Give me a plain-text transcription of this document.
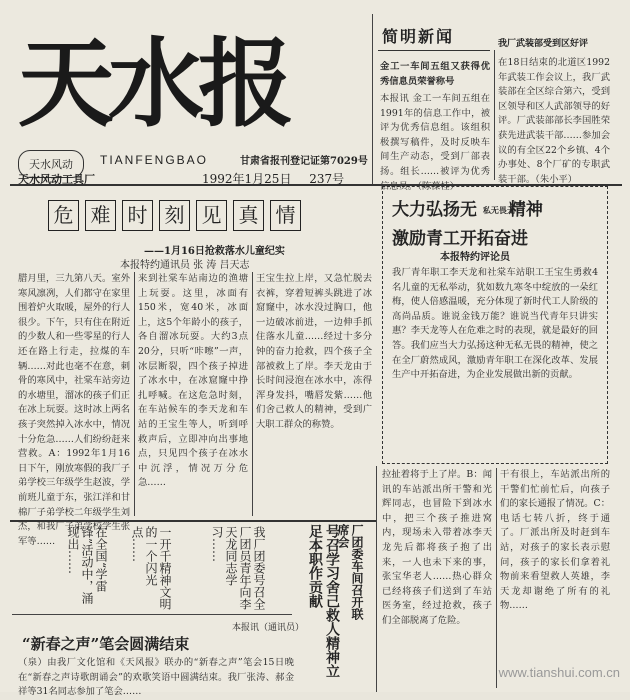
天水报
天水风动	TIANFENGBAO	甘肃省报刊登记证第7029号
天水风动工具厂	1992年1月25日 237号
简明新闻	我厂武装部受到区好评
金工一车间五组又获得优秀信息员荣誉称号
本报讯 金工一车间五组在1991年的信息工作中，被评为优秀信息组。该组积极撰写稿件，及时反映车间生产动态，受到厂部表扬。组长……被评为优秀信息员。（陈葆桂）
在18日结束的北道区1992年武装工作会议上，我厂武装部在全区综合第六，受到区领导和区人武部领导的好评。厂武装部部长李国胜荣获先进武装干部……参加会议的有全区22个乡镇、4个办事处、8个厂矿的专职武装干部。（朱小平）
危 难 时 刻 见 真 情
——1月16日抢救落水儿童纪实
本报特约通讯员 张 涛 吕天志
腊月里，三九第八天。室外寒风凛冽，人们都守在家里围着炉火取暖，屋外的行人很少。下午，只有住在附近的少数人和一些零星的行人还在路上行走，拉煤的车辆……对此也毫不在意，刺骨的寒风中，社棠车站旁边的水塘里，溜冰的孩子们正在冰上玩耍。这时冰上两名孩子突然掉入冰水中，情况十分危急……人们纷纷赶来营救。A：1992年1月16日下午，刚放寒假的我厂子弟学校三年级学生赵波，学前班儿童于东，张江洋和甘棉厂子弟学校二年级学生刘杰，和我厂子弟学校学生张军等……
来到社棠车站南边的渔塘上玩耍。这里，冰面有150米，宽40米，冰面上，这5个年龄小的孩子，各自溜冰玩耍。大约3点20分，只听“咔嚓”一声，冰层断裂，四个孩子掉进了冰水中，在冰窟窿中挣扎呼喊。在这危急时刻，在车站候车的李天龙和车站的王宝生等人，听到呼救声后，立即冲向出事地点，只见四个孩子在冰水中沉浮，情况万分危急……
王宝生拉上岸，又急忙脱去衣裤，穿着短裤头跳进了冰窟窿中，冰水没过胸口，他一边破冰前进，一边伸手抓住落水儿童……经过十多分钟的奋力抢救，四个孩子全部被救上了岸。李天龙由于长时间浸泡在冰水中，冻得浑身发抖，嘴唇发紫……他们舍己救人的精神，受到广大职工群众的称赞。
大力弘扬无 私无畏无 精神
激励青工开拓奋进
本报特约评论员
我厂青年职工李天龙和社棠车站职工王宝生勇救4名儿童的无私举动，犹如数九寒冬中绽放的一朵红梅，使人倍感温暖，充分体现了新时代工人阶级的高尚品质。谁说金钱万能？谁说当代青年只讲实惠？李天龙等人在危难之时的表现，就是最好的回答。我们应当大力弘扬这种无私无畏的精神，使之在全厂蔚然成风，激励青年职工在深化改革、发展生产中开拓奋进，为企业发展做出新的贡献。
拉扯着将于上了岸。B：闻讯的车站派出所干警和光辉同志，也冒险下到冰水中，把三个孩子推进窝内，现场未入带着冰李天龙先后都将孩子抱了出来，一人也未下来的事，张宝华老人……热心群众已经将孩子们送到了车站医务室，经过抢救，孩子们全部脱离了危险。
干有很上，车站派出所的干警们忙前忙后，向孩子们的家长通报了情况。C：电话七转八折，终于通了。厂派出所及时赶到车站，对孩子的家长表示慰问，孩子的家长们拿着礼物前来看望救人英雄，李天龙却谢绝了所有的礼物……
在全国“学雷锋”活动中，涌现出……	一开千精神文明的一个闪光点……	我厂团委号召全厂团员青年向李天龙同志学习……	号召学习舍己救人精神立足本职作贡献	厂团委车间召开联席会
本报讯（通讯员）
“新春之声”笔会圆满结束
（泉）由我厂文化馆和《天风报》联办的“新春之声”笔会15日晚在“新春之声诗歌朗诵会”的欢歌笑语中圆满结束。我厂张涛、郝金祥等31名同志参加了笔会……
www.tianshui.com.cn
